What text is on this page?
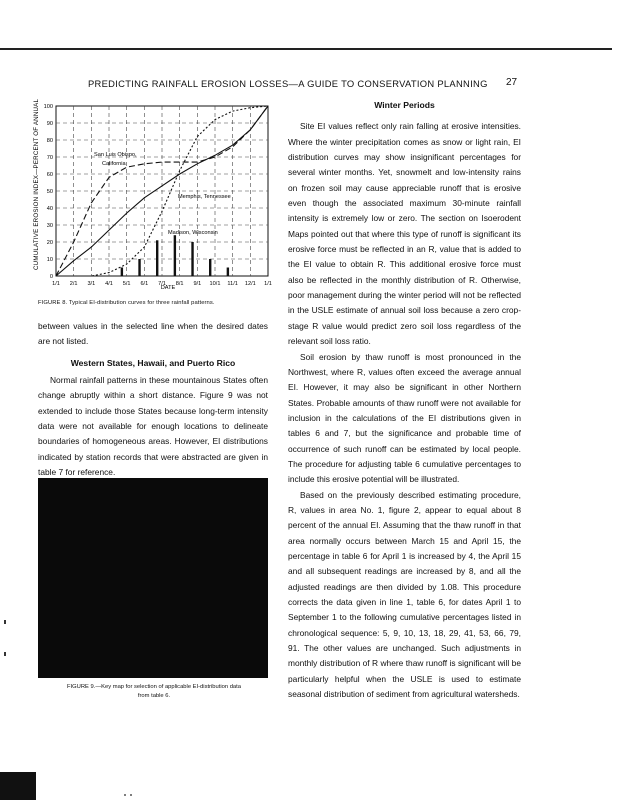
PREDICTING RAINFALL EROSION LOSSES—A GUIDE TO CONSERVATION PLANNING	27
0
10
20
30
40
50
60
70
80
90
100
1/1 2/1 3/1 4/1 5/1 6/1 7/1 8/1 9/1 10/1 11/1 12/1 1/1
CUMULATIVE EROSION INDEX—PERCENT OF ANNUAL
DATE
San Luis Obispo,
California
Memphis, Tennessee
Madison, Wisconsin
FIGURE 8. Typical EI-distribution curves for three rainfall patterns.

between values in the selected line when the desired dates are not listed.

Western States, Hawaii, and Puerto Rico

Normal rainfall patterns in these mountainous States often change abruptly within a short distance. Figure 9 was not extended to include those States because long-term intensity data were not available for enough locations to delineate boundaries of homogeneous areas. However, EI distributions indicated by station records that were abstracted are given in table 7 for reference.

FIGURE 9.—Key map for selection of applicable EI-distribution data
from table 6.

Winter Periods

Site EI values reflect only rain falling at erosive intensities. Where the winter precipitation comes as snow or light rain, EI distribution curves may show insignificant percentages for several winter months. Yet, snowmelt and low-intensity rains on frozen soil may cause appreciable runoff that is erosive even though the associated maximum 30-minute rainfall intensity is extremely low or zero. The section on Isoerodent Maps pointed out that where this type of runoff is significant its erosive force must be reflected in an R, value that is added to the EI value to obtain R. This additional erosive force must also be reflected in the monthly distribution of R. Otherwise, poor management during the winter period will not be reflected in the USLE estimate of annual soil loss because a zero crop-stage R value would predict zero soil loss regardless of the relevant soil loss ratio.

Soil erosion by thaw runoff is most pronounced in the Northwest, where R, values often exceed the average annual EI. However, it may also be significant in other Northern States. Probable amounts of thaw runoff were not available for inclusion in the calculations of the EI distributions given in tables 6 and 7, but the significance and probable time of occurrence of such runoff can be estimated by local people. The procedure for adjusting table 6 cumulative percentages to include this erosive potential will be illustrated.

Based on the previously described estimating procedure, R, values in area No. 1, figure 2, appear to equal about 8 percent of the annual EI. Assuming that the thaw runoff in that area normally occurs between March 15 and April 15, the percentage in table 6 for April 1 is increased by 4, the April 15 and all subsequent readings are increased by 8, and all the adjusted readings are then divided by 1.08. This procedure corrects the data given in line 1, table 6, for dates April 1 to September 1 to the following cumulative percentages listed in chronological sequence: 5, 9, 10, 13, 18, 29, 41, 53, 66, 79, 91. The other values are unchanged. Such adjustments in monthly distribution of R where thaw runoff is significant will be particularly helpful when the USLE is used to estimate seasonal distribution of sediment from agricultural watersheds.
